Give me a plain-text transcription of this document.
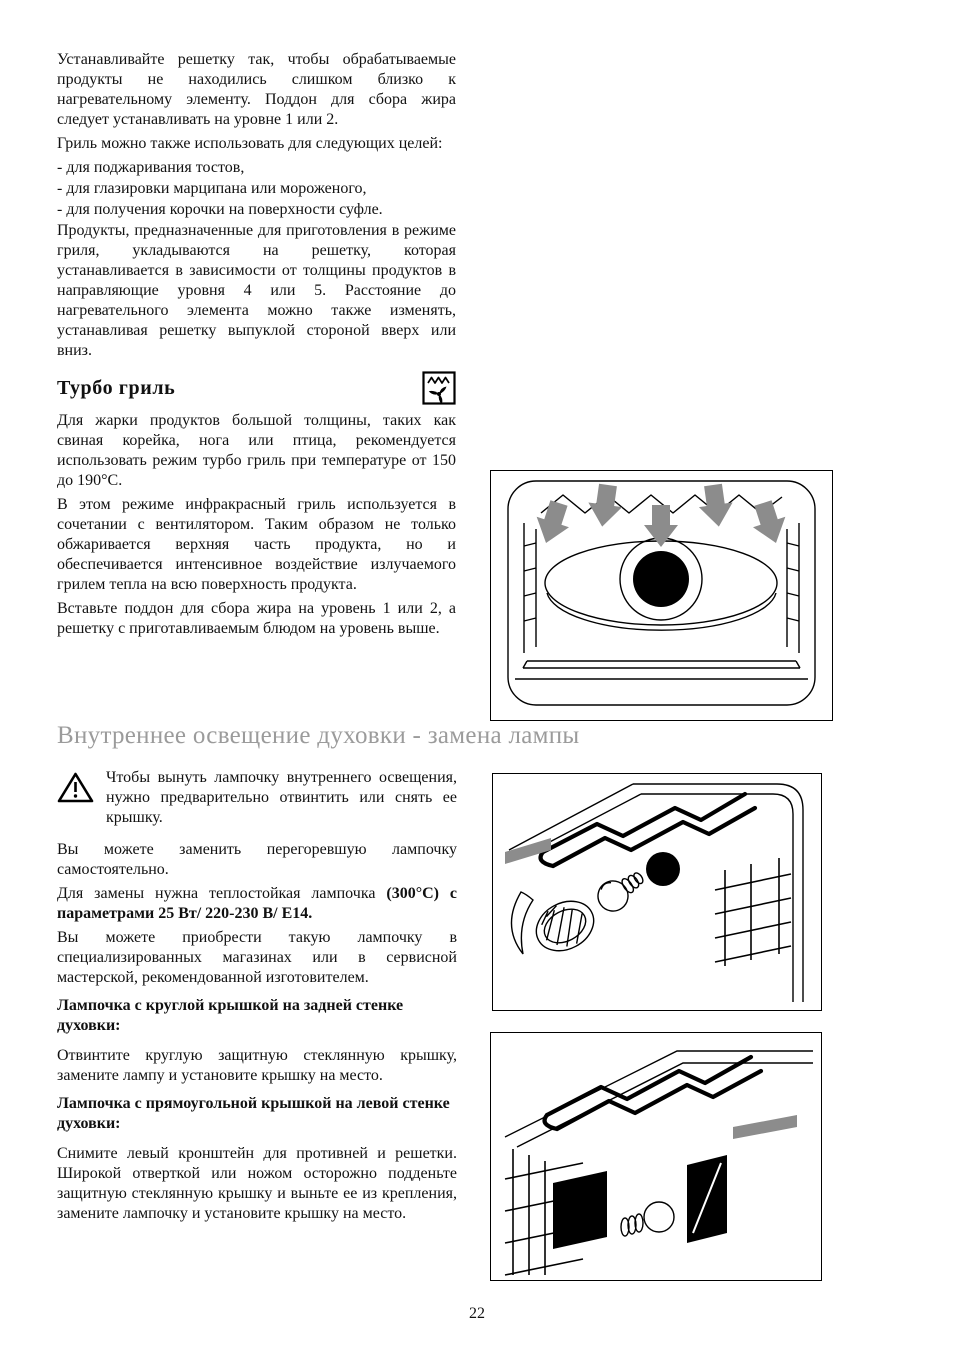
Устанавливайте решетку так, чтобы обрабатываемые продукты не находились слишком близко к нагревательному элементу. Поддон для сбора жира следует устанавливать на уровне 1 или 2.

Гриль можно также использовать для следующих целей:

- для поджаривания тостов,

- для глазировки марципана или мороженого,

- для получения корочки на поверхности суфле.

Продукты, предназначенные для приготовления в режиме гриля, укладываются на решетку, которая устанавливается в зависимости от толщины продуктов в направляющие уровня 4 или 5. Расстояние до нагревательного элемента можно также изменять, устанавливая решетку выпуклой стороной вверх или вниз.

Турбо гриль

Для жарки продуктов большой толщины, таких как свиная корейка, нога или птица, рекомендуется использовать режим турбо гриль при температуре от 150 до 190°С.

В этом режиме инфракрасный гриль используется в сочетании с вентилятором. Таким образом не только обжаривается верхняя часть продукта, но и обеспечивается интенсивное воздействие излучаемого грилем тепла на всю поверхность продукта.

Вставьте поддон для сбора жира на уровень 1 или 2, а решетку с приготавливаемым блюдом на уровень выше.

Внутреннее освещение духовки - замена лампы
Чтобы вынуть лампочку внутреннего освещения, нужно предварительно отвинтить или снять ее крышку.

Вы можете заменить перегоревшую лампочку самостоятельно.

Для замены нужна теплостойкая лампочка (300°С) с параметрами 25 Вт/ 220-230 В/ Е14.

Вы можете приобрести такую лампочку в специализированных магазинах или в сервисной мастерской, рекомендованной изготовителем.

Лампочка с круглой крышкой на задней стенке духовки:

Отвинтите круглую защитную стеклянную крышку, замените лампу и установите крышку на место.

Лампочка с прямоугольной крышкой на левой стенке духовки:

Снимите левый кронштейн для противней и решетки. Широкой отверткой или ножом осторожно подденьте защитную стеклянную крышку и выньте ее из крепления, замените лампочку и установите крышку на место.

22
